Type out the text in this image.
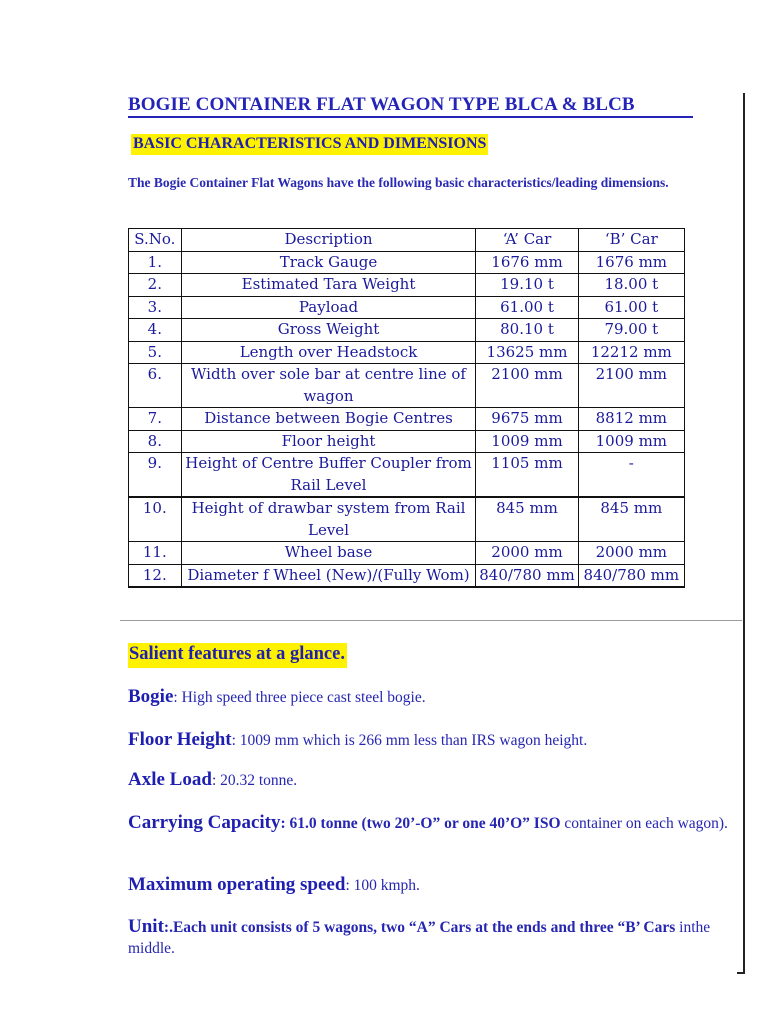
BOGIE CONTAINER FLAT WAGON TYPE BLCA & BLCB
BASIC CHARACTERISTICS AND DIMENSIONS
The Bogie Container Flat Wagons have the following basic characteristics/leading dimensions.
S.No.	Description	‘A’ Car	‘B’ Car
1.	Track Gauge	1676 mm	1676 mm
2.	Estimated Tara Weight	19.10 t	18.00 t
3.	Payload	61.00 t	61.00 t
4.	Gross Weight	80.10 t	79.00 t
5.	Length over Headstock	13625 mm	12212 mm
6.	Width over sole bar at centre line of wagon	2100 mm	2100 mm
7.	Distance between Bogie Centres	9675 mm	8812 mm
8.	Floor height	1009 mm	1009 mm
9.	Height of Centre Buffer Coupler from Rail Level	1105 mm	-
10.	Height of drawbar system from Rail Level	845 mm	845 mm
11.	Wheel base	2000 mm	2000 mm
12.	Diameter f Wheel (New)/(Fully Wom)	840/780 mm	840/780 mm
Salient features at a glance.
Bogie: High speed three piece cast steel bogie.
Floor Height: 1009 mm which is 266 mm less than IRS wagon height.
Axle Load: 20.32 tonne.
Carrying Capacity: 61.0 tonne (two 20’-O” or one 40’O” ISO container on each wagon).
Maximum operating speed: 100 kmph.
Unit:.Each unit consists of 5 wagons, two “A” Cars at the ends and three “B’ Cars inthe middle.
